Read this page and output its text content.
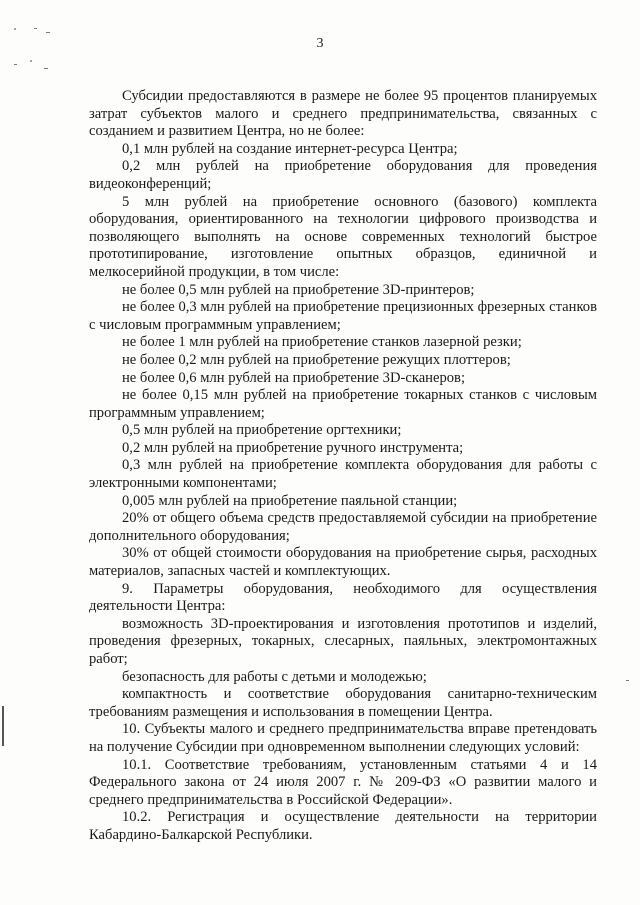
3

Субсидии предоставляются в размере не более 95 процентов планируемых затрат субъектов малого и среднего предпринимательства, связанных с созданием и развитием Центра, но не более:

0,1 млн рублей на создание интернет-ресурса Центра;

0,2 млн рублей на приобретение оборудования для проведения видеоконференций;

5 млн рублей на приобретение основного (базового) комплекта оборудования, ориентированного на технологии цифрового производства и позволяющего выполнять на основе современных технологий быстрое прототипирование, изготовление опытных образцов, единичной и мелкосерийной продукции, в том числе:

не более 0,5 млн рублей на приобретение 3D-принтеров;

не более 0,3 млн рублей на приобретение прецизионных фрезерных станков с числовым программным управлением;

не более 1 млн рублей на приобретение станков лазерной резки;

не более 0,2 млн рублей на приобретение режущих плоттеров;

не более 0,6 млн рублей на приобретение 3D-сканеров;

не более 0,15 млн рублей на приобретение токарных станков с числовым программным управлением;

0,5 млн рублей на приобретение оргтехники;

0,2 млн рублей на приобретение ручного инструмента;

0,3 млн рублей на приобретение комплекта оборудования для работы с электронными компонентами;

0,005 млн рублей на приобретение паяльной станции;

20% от общего объема средств предоставляемой субсидии на приобретение дополнительного оборудования;

30% от общей стоимости оборудования на приобретение сырья, расходных материалов, запасных частей и комплектующих.

9. Параметры оборудования, необходимого для осуществления деятельности Центра:

возможность 3D-проектирования и изготовления прототипов и изделий, проведения фрезерных, токарных, слесарных, паяльных, электромонтажных работ;

безопасность для работы с детьми и молодежью;

компактность и соответствие оборудования санитарно-техническим требованиям размещения и использования в помещении Центра.

10. Субъекты малого и среднего предпринимательства вправе претендовать на получение Субсидии при одновременном выполнении следующих условий:

10.1. Соответствие требованиям, установленным статьями 4 и 14 Федерального закона от 24 июля 2007 г. № 209-ФЗ «О развитии малого и среднего предпринимательства в Российской Федерации».

10.2. Регистрация и осуществление деятельности на территории Кабардино-Балкарской Республики.
